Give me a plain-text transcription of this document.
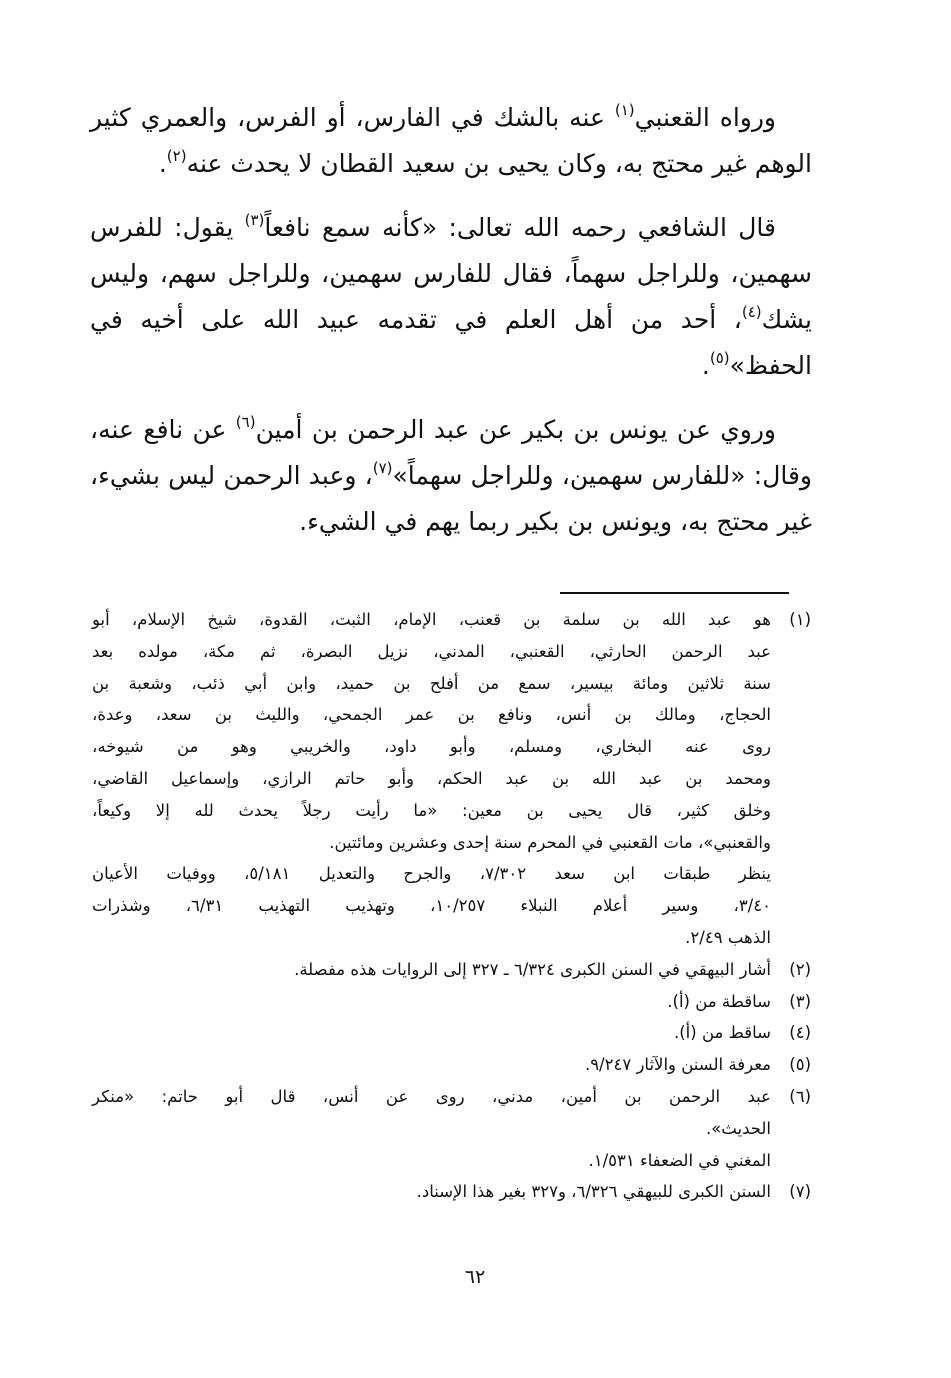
ورواه القعنبي$^{(١)}$ عنه بالشك في الفارس، أو الفرس، والعمري كثير الوهم غير محتج به، وكان يحيى بن سعيد القطان لا يحدث عنه$^{(٢)}$.

قال الشافعي رحمه الله تعالى: «كأنه سمع نافعاً$^{(٣)}$ يقول: للفرس سهمين، وللراجل سهماً، فقال للفارس سهمين، وللراجل سهم، وليس يشك$^{(٤)}$، أحد من أهل العلم في تقدمه عبيد الله على أخيه في الحفظ»$^{(٥)}$.

وروي عن يونس بن بكير عن عبد الرحمن بن أمين$^{(٦)}$ عن نافع عنه، وقال: «للفارس سهمين، وللراجل سهماً»$^{(٧)}$، وعبد الرحمن ليس بشيء، غير محتج به، ويونس بن بكير ربما يهم في الشيء.

(١)
هو عبد الله بن سلمة بن قعنب، الإمام، الثبت، القدوة، شيخ الإسلام، أبو
عبد الرحمن الحارثي، القعنبي، المدني، نزيل البصرة، ثم مكة، مولده بعد
سنة ثلاثين ومائة بيسير، سمع من أفلح بن حميد، وابن أبي ذئب، وشعبة بن
الحجاج، ومالك بن أنس، ونافع بن عمر الجمحي، والليث بن سعد، وعدة،
روى عنه البخاري، ومسلم، وأبو داود، والخريبي وهو من شيوخه،
ومحمد بن عبد الله بن عبد الحكم، وأبو حاتم الرازي، وإسماعيل القاضي،
وخلق كثير، قال يحيى بن معين: «ما رأيت رجلاً يحدث لله إلا وكيعاً،
والقعنبي»، مات القعنبي في المحرم سنة إحدى وعشرين ومائتين.
ينظر طبقات ابن سعد ٧/٣٠٢، والجرح والتعديل ٥/١٨١، ووفيات الأعيان
٣/٤٠، وسير أعلام النبلاء ١٠/٢٥٧، وتهذيب التهذيب ٦/٣١، وشذرات
الذهب ٢/٤٩.
(٢)
أشار البيهقي في السنن الكبرى ٦/٣٢٤ ـ ٣٢٧ إلى الروايات هذه مفصلة.
(٣)
ساقطة من (أ).
(٤)
ساقط من (أ).
(٥)
معرفة السنن والآثار ٩/٢٤٧.
(٦)
عبد الرحمن بن أمين، مدني، روى عن أنس، قال أبو حاتم: «منكر
الحديث».
المغني في الضعفاء ١/٥٣١.
(٧)
السنن الكبرى للبيهقي ٦/٣٢٦، و٣٢٧ بغير هذا الإسناد.
٦٢
